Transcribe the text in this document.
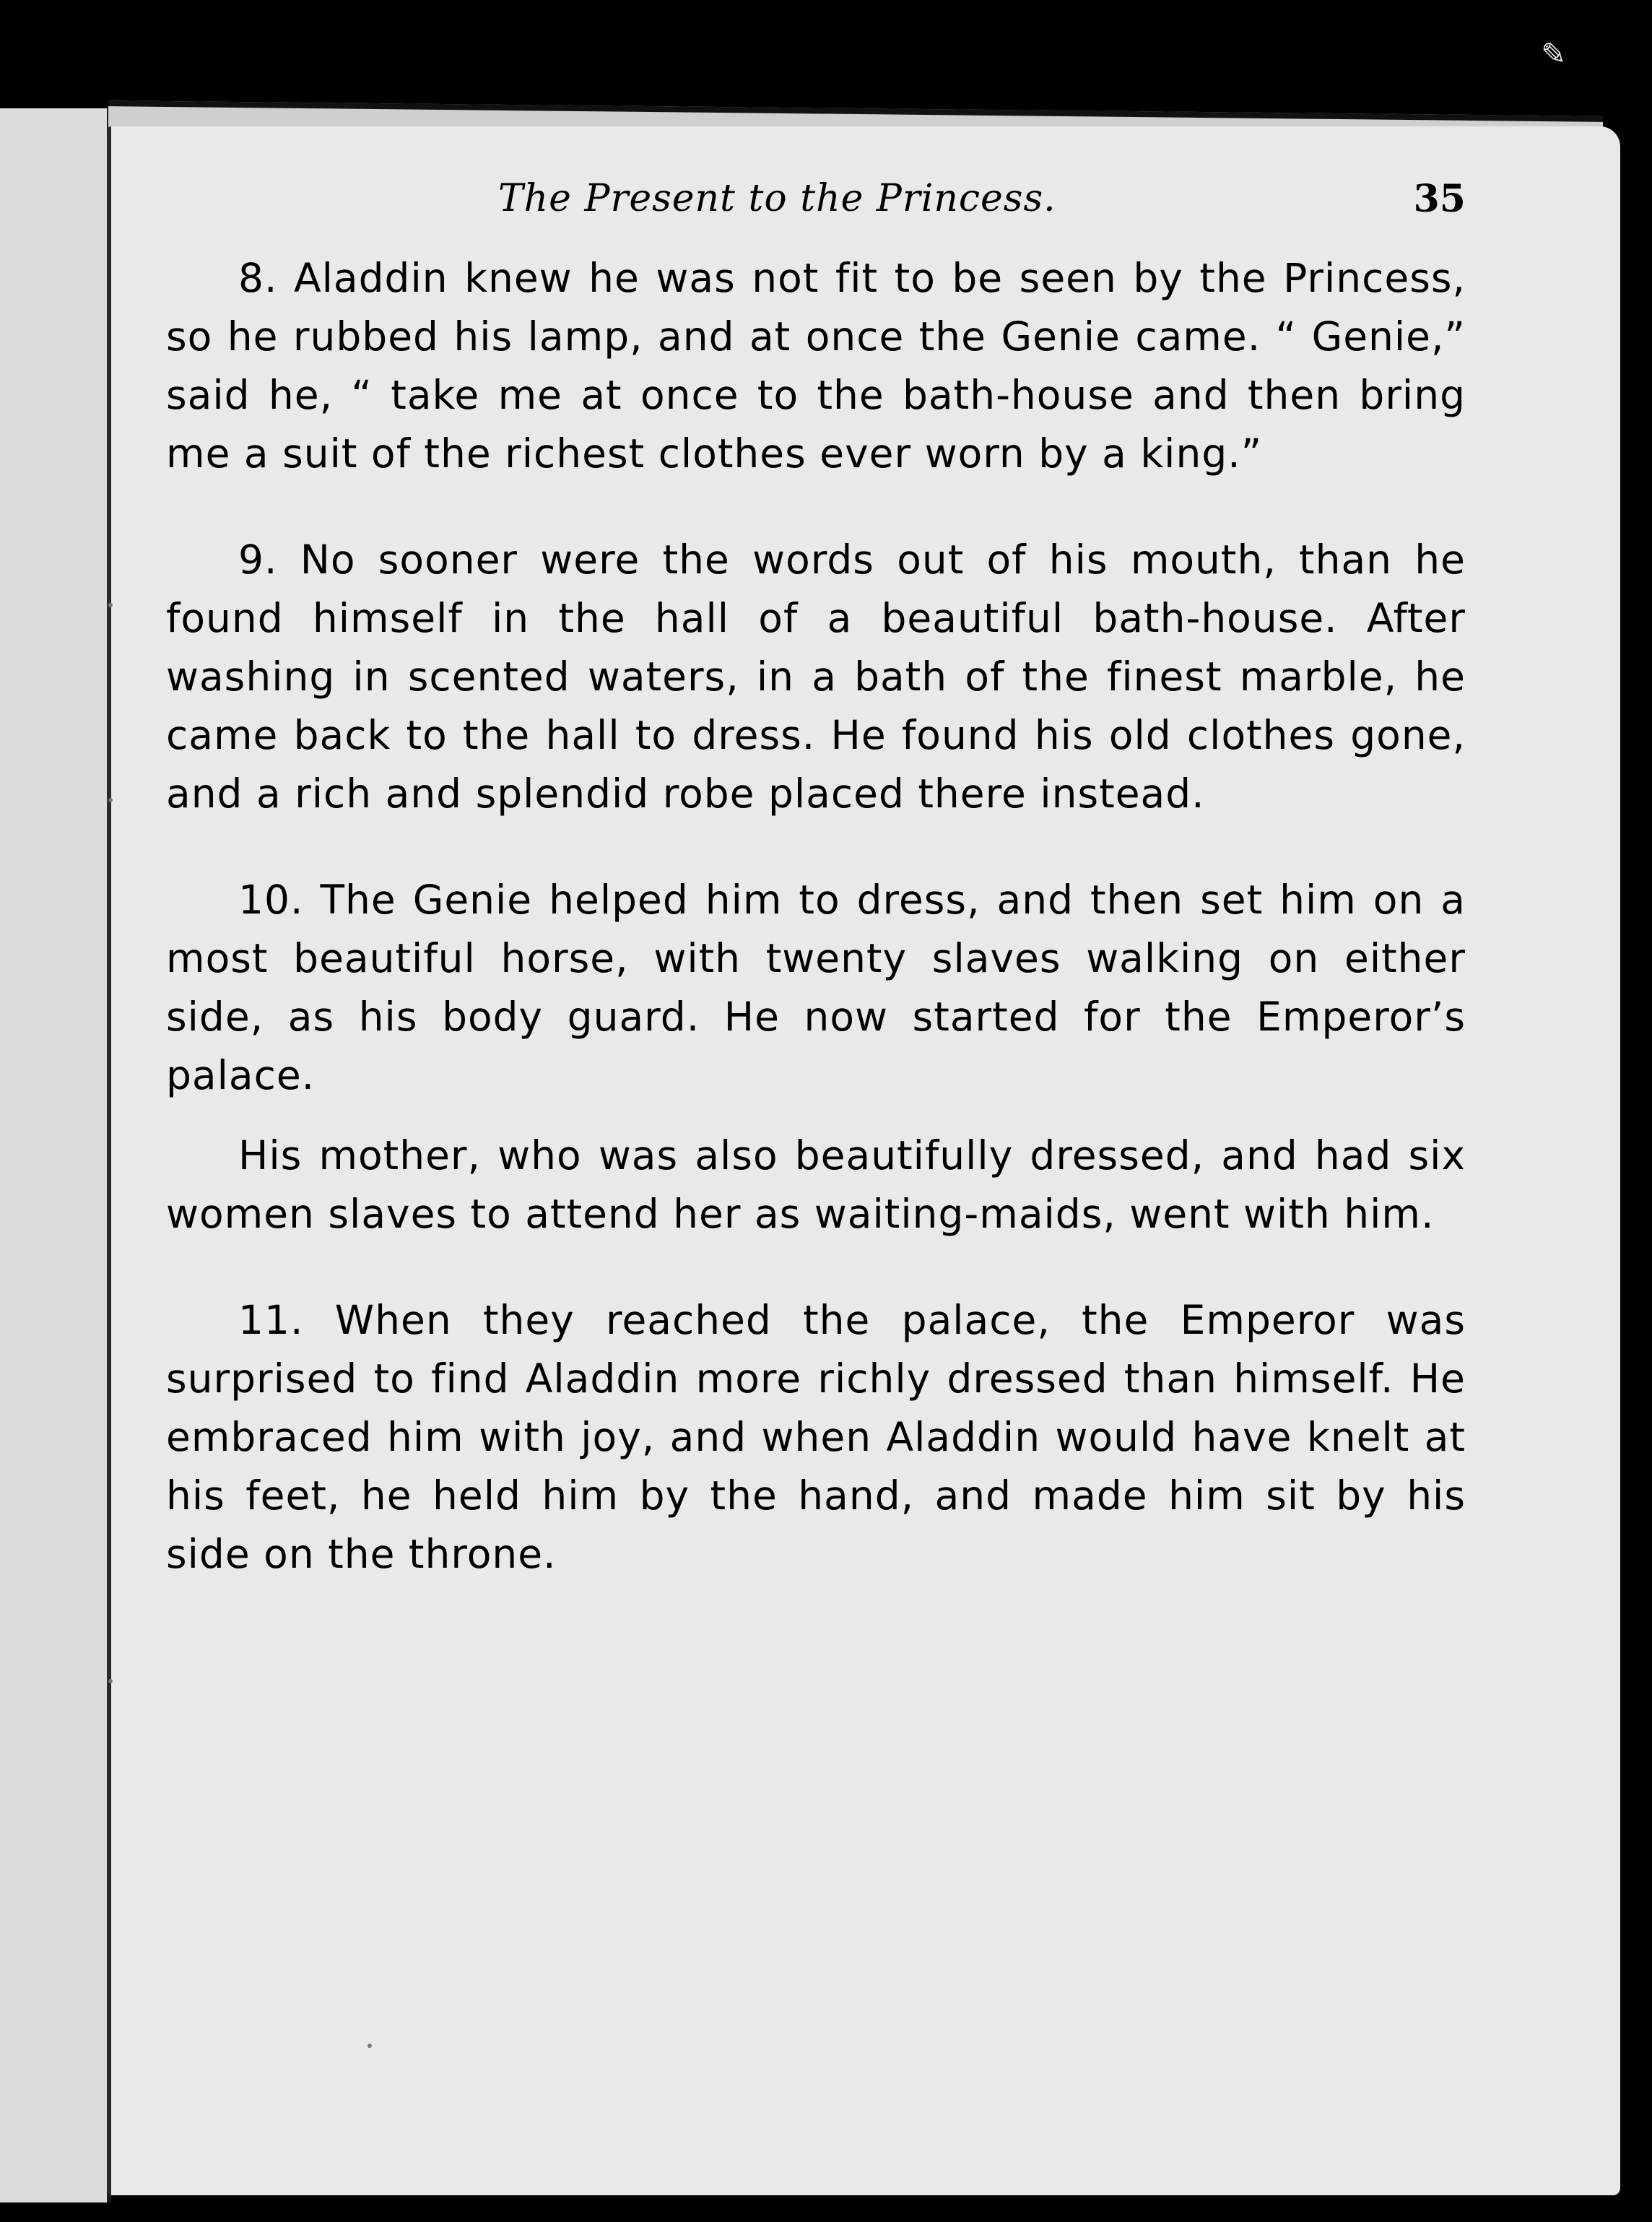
✎
The Present to the Princess.	35

8. Aladdin knew he was not fit to be seen by the Princess, so he rubbed his lamp, and at once the Genie came. “ Genie,” said he, “ take me at once to the bath-house and then bring me a suit of the richest clothes ever worn by a king.”

9. No sooner were the words out of his mouth, than he found himself in the hall of a beautiful bath-house. After washing in scented waters, in a bath of the finest marble, he came back to the hall to dress. He found his old clothes gone, and a rich and splendid robe placed there instead.

10. The Genie helped him to dress, and then set him on a most beautiful horse, with twenty slaves walking on either side, as his body guard. He now started for the Emperor’s palace.

His mother, who was also beautifully dressed, and had six women slaves to attend her as waiting-maids, went with him.

11. When they reached the palace, the Emperor was surprised to find Aladdin more richly dressed than himself. He embraced him with joy, and when Aladdin would have knelt at his feet, he held him by the hand, and made him sit by his side on the throne.
